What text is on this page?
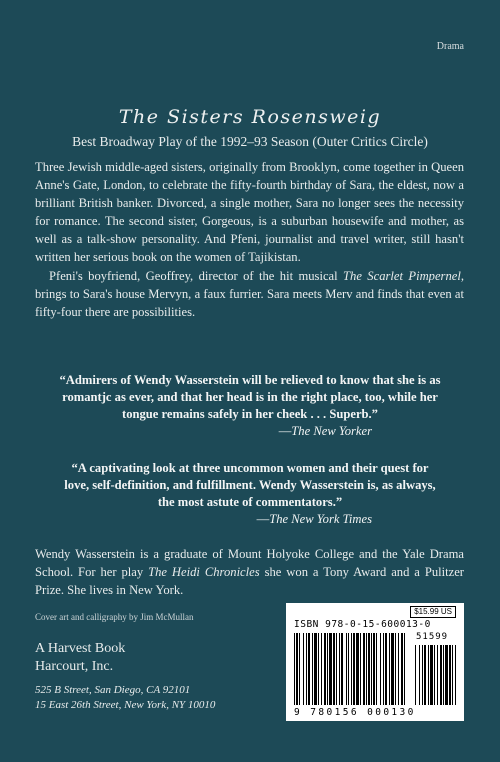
Drama
The Sisters Rosensweig
Best Broadway Play of the 1992–93 Season (Outer Critics Circle)

Three Jewish middle-aged sisters, originally from Brooklyn, come together in Queen Anne's Gate, London, to celebrate the fifty-fourth birthday of Sara, the eldest, now a brilliant British banker. Divorced, a single mother, Sara no longer sees the necessity for romance. The second sister, Gorgeous, is a suburban housewife and mother, as well as a talk-show personality. And Pfeni, journalist and travel writer, still hasn't written her serious book on the women of Tajikistan.

Pfeni's boyfriend, Geoffrey, director of the hit musical The Scarlet Pimpernel, brings to Sara's house Mervyn, a faux furrier. Sara meets Merv and finds that even at fifty-four there are possibilities.

“Admirers of Wendy Wasserstein will be relieved to know that she is as romantjc as ever, and that her head is in the right place, too, while her tongue remains safely in her cheek . . . Superb.”
—The New Yorker
“A captivating look at three uncommon women and their quest for love, self-definition, and fulfillment. Wendy Wasserstein is, as always, the most astute of commentators.”
—The New York Times
Wendy Wasserstein is a graduate of Mount Holyoke College and the Yale Drama School. For her play The Heidi Chronicles she won a Tony Award and a Pulitzer Prize. She lives in New York.
Cover art and calligraphy by Jim McMullan
A Harvest Book
Harcourt, Inc.
525 B Street, San Diego, CA 92101
15 East 26th Street, New York, NY 10010
$15.99 US
ISBN 978-0-15-600013-0
51599
9 780156 000130
